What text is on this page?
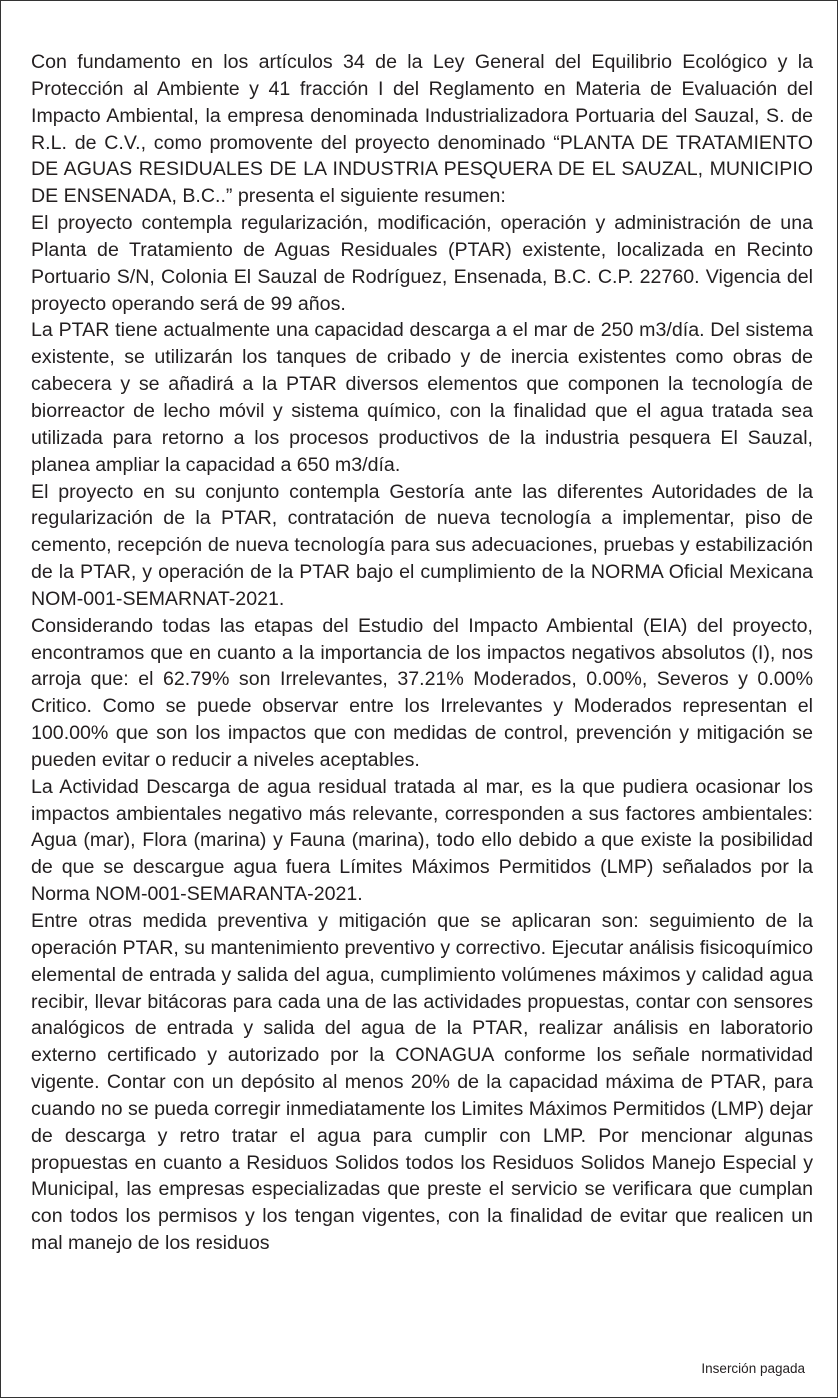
Con fundamento en los artículos 34 de la Ley General del Equilibrio Ecológico y la Protección al Ambiente y 41 fracción I del Reglamento en Materia de Evaluación del Impacto Ambiental, la empresa denominada Industrializadora Portuaria del Sauzal, S. de R.L. de C.V., como promovente del proyecto denominado “PLANTA DE TRATAMIENTO DE AGUAS RESIDUALES DE LA INDUSTRIA PESQUERA DE EL SAUZAL, MUNICIPIO DE ENSENADA, B.C..” presenta el siguiente resumen:

El proyecto contempla regularización, modificación, operación y administración de una Planta de Tratamiento de Aguas Residuales (PTAR) existente, localizada en Recinto Portuario S/N, Colonia El Sauzal de Rodríguez, Ensenada, B.C. C.P. 22760. Vigencia del proyecto operando será de 99 años.

La PTAR tiene actualmente una capacidad descarga a el mar de 250 m3/día. Del sistema existente, se utilizarán los tanques de cribado y de inercia existentes como obras de cabecera y se añadirá a la PTAR diversos elementos que componen la tecnología de biorreactor de lecho móvil y sistema químico, con la finalidad que el agua tratada sea utilizada para retorno a los procesos productivos de la industria pesquera El Sauzal, planea ampliar la capacidad a 650 m3/día.

El proyecto en su conjunto contempla Gestoría ante las diferentes Autoridades de la regularización de la PTAR, contratación de nueva tecnología a implementar, piso de cemento, recepción de nueva tecnología para sus adecuaciones, pruebas y estabilización de la PTAR, y operación de la PTAR bajo el cumplimiento de la NORMA Oficial Mexicana NOM-001-SEMARNAT-2021.

Considerando todas las etapas del Estudio del Impacto Ambiental (EIA) del proyecto, encontramos que en cuanto a la importancia de los impactos negativos absolutos (I), nos arroja que: el 62.79% son Irrelevantes, 37.21% Moderados, 0.00%, Severos y 0.00% Critico. Como se puede observar entre los Irrelevantes y Moderados representan el 100.00% que son los impactos que con medidas de control, prevención y mitigación se pueden evitar o reducir a niveles aceptables.

La Actividad Descarga de agua residual tratada al mar, es la que pudiera ocasionar los impactos ambientales negativo más relevante, corresponden a sus factores ambientales: Agua (mar), Flora (marina) y Fauna (marina), todo ello debido a que existe la posibilidad de que se descargue agua fuera Límites Máximos Permitidos (LMP) señalados por la Norma NOM-001-SEMARANTA-2021.

Entre otras medida preventiva y mitigación que se aplicaran son: seguimiento de la operación PTAR, su mantenimiento preventivo y correctivo. Ejecutar análisis fisicoquímico elemental de entrada y salida del agua, cumplimiento volúmenes máximos y calidad agua recibir, llevar bitácoras para cada una de las actividades propuestas, contar con sensores analógicos de entrada y salida del agua de la PTAR, realizar análisis en laboratorio externo certificado y autorizado por la CONAGUA conforme los señale normatividad vigente. Contar con un depósito al menos 20% de la capacidad máxima de PTAR, para cuando no se pueda corregir inmediatamente los Limites Máximos Permitidos (LMP) dejar de descarga y retro tratar el agua para cumplir con LMP. Por mencionar algunas propuestas en cuanto a Residuos Solidos todos los Residuos Solidos Manejo Especial y Municipal, las empresas especializadas que preste el servicio se verificara que cumplan con todos los permisos y los tengan vigentes, con la finalidad de evitar que realicen un mal manejo de los residuos

Inserción pagada
